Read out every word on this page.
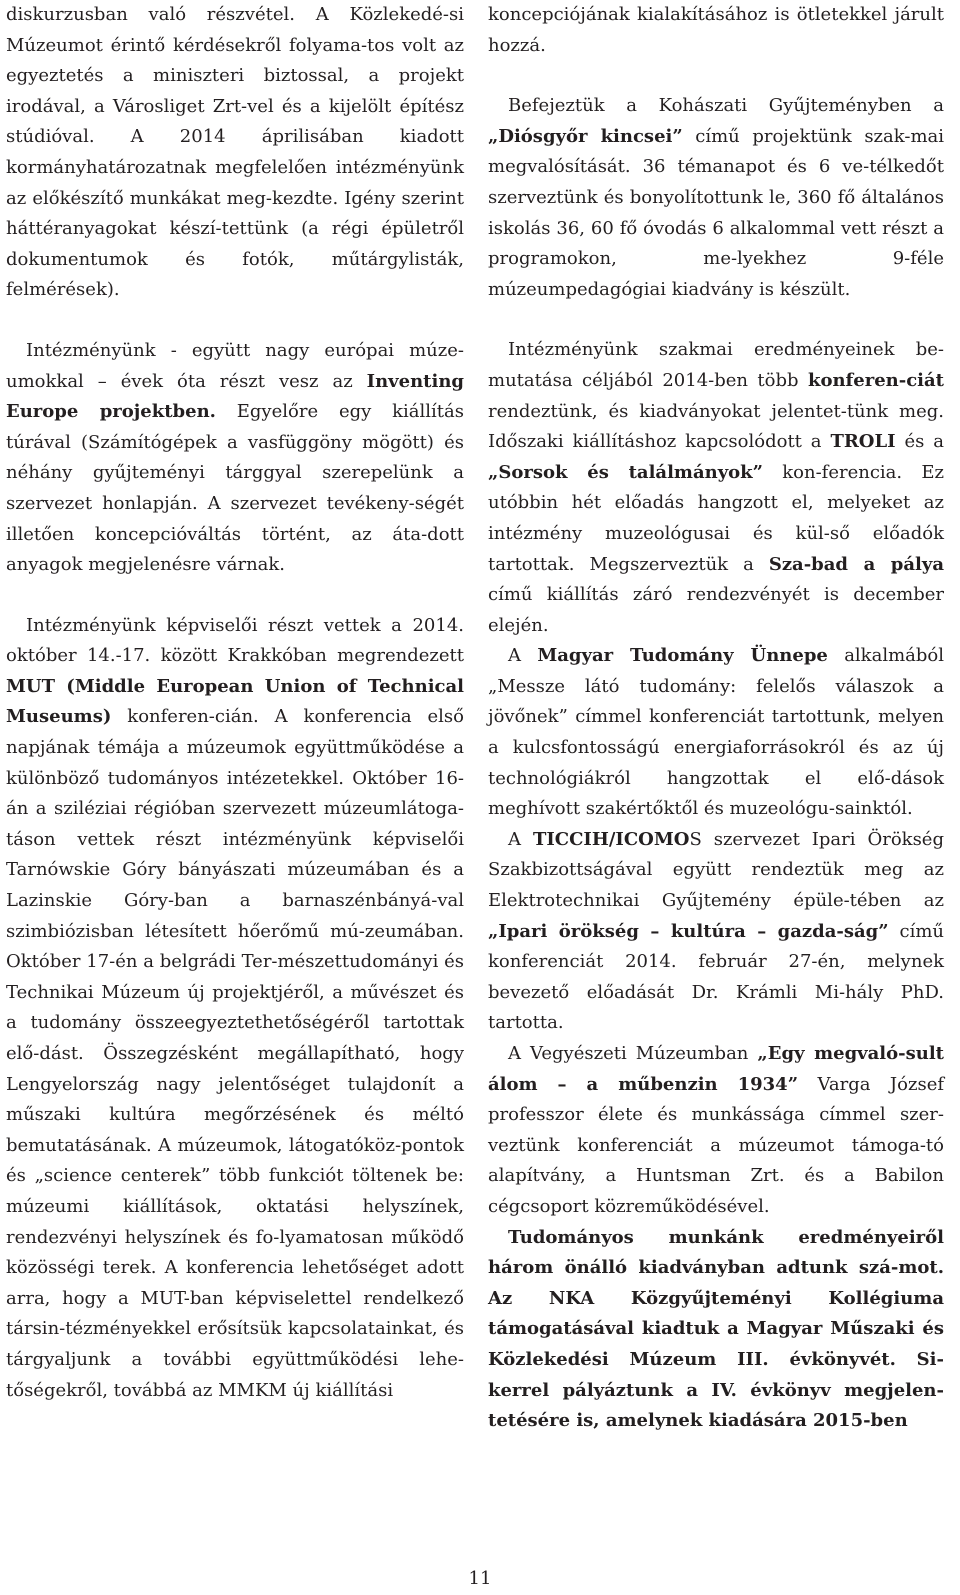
diskurzusban való részvétel. A Közlekedé-si Múzeumot érintő kérdésekről folyama-tos volt az egyeztetés a miniszteri biztossal, a projekt irodával, a Városliget Zrt-vel és a kijelölt építész stúdióval. A 2014 áprilisában kiadott kormányhatározatnak megfelelően intézményünk az előkészítő munkákat meg-kezdte. Igény szerint háttéranyagokat készí-tettünk (a régi épületről dokumentumok és fotók, műtárgylisták, felmérések).

Intézményünk - együtt nagy európai múze-umokkal – évek óta részt vesz az Inventing Europe projektben. Egyelőre egy kiállítás túrával (Számítógépek a vasfüggöny mögött) és néhány gyűjteményi tárggyal szerepelünk a szervezet honlapján. A szervezet tevékeny-ségét illetően koncepcióváltás történt, az áta-dott anyagok megjelenésre várnak.

Intézményünk képviselői részt vettek a 2014. október 14.-17. között Krakkóban megrendezett MUT (Middle European Union of Technical Museums) konferen-cián. A konferencia első napjának témája a múzeumok együttműködése a különböző tudományos intézetekkel. Október 16-án a sziléziai régióban szervezett múzeumlátoga-táson vettek részt intézményünk képviselői Tarnówskie Góry bányászati múzeumában és a Lazinskie Góry-ban a barnaszénbányá-val szimbiózisban létesített hőerőmű mú-zeumában. Október 17-én a belgrádi Ter-mészettudományi és Technikai Múzeum új projektjéről, a művészet és a tudomány összeegyeztethetőségéről tartottak elő-dást. Összegzésként megállapítható, hogy Lengyelország nagy jelentőséget tulajdonít a műszaki kultúra megőrzésének és méltó bemutatásának. A múzeumok, látogatóköz-pontok és „science centerek” több funkciót töltenek be: múzeumi kiállítások, oktatási helyszínek, rendezvényi helyszínek és fo-lyamatosan működő közösségi terek. A konferencia lehetőséget adott arra, hogy a MUT-ban képviselettel rendelkező társin-tézményekkel erősítsük kapcsolatainkat, és tárgyaljunk a további együttműködési lehe-tőségekről, továbbá az MMKM új kiállítási

koncepciójának kialakításához is ötletekkel járult hozzá.

Befejeztük a Kohászati Gyűjteményben a „Diósgyőr kincsei” című projektünk szak-mai megvalósítását. 36 témanapot és 6 ve-télkedőt szerveztünk és bonyolítottunk le, 360 fő általános iskolás 36, 60 fő óvodás 6 alkalommal vett részt a programokon, me-lyekhez 9-féle múzeumpedagógiai kiadvány is készült.

Intézményünk szakmai eredményeinek be-mutatása céljából 2014-ben több konferen-ciát rendeztünk, és kiadványokat jelentet-tünk meg. Időszaki kiállításhoz kapcsolódott a TROLI és a „Sorsok és találmányok” kon-ferencia. Ez utóbbin hét előadás hangzott el, melyeket az intézmény muzeológusai és kül-ső előadók tartottak. Megszerveztük a Sza-bad a pálya című kiállítás záró rendezvényét is december elején.

A Magyar Tudomány Ünnepe alkalmából „Messze látó tudomány: felelős válaszok a jövőnek” címmel konferenciát tartottunk, melyen a kulcsfontosságú energiaforrásokról és az új technológiákról hangzottak el elő-dások meghívott szakértőktől és muzeológu-sainktól.

A TICCIH/ICOMOS szervezet Ipari Örökség Szakbizottságával együtt rendeztük meg az Elektrotechnikai Gyűjtemény épüle-tében az „Ipari örökség – kultúra – gazda-ság” című konferenciát 2014. február 27-én, melynek bevezető előadását Dr. Krámli Mi-hály PhD. tartotta.

A Vegyészeti Múzeumban „Egy megvaló-sult álom – a műbenzin 1934” Varga József professzor élete és munkássága címmel szer-veztünk konferenciát a múzeumot támoga-tó alapítvány, a Huntsman Zrt. és a Babilon cégcsoport közreműködésével.

Tudományos munkánk eredményeiről három önálló kiadványban adtunk szá-mot. Az NKA Közgyűjteményi Kollégiuma támogatásával kiadtuk a Magyar Műszaki és Közlekedési Múzeum III. évkönyvét. Si-kerrel pályáztunk a IV. évkönyv megjelen-tetésére is, amelynek kiadására 2015-ben

11
